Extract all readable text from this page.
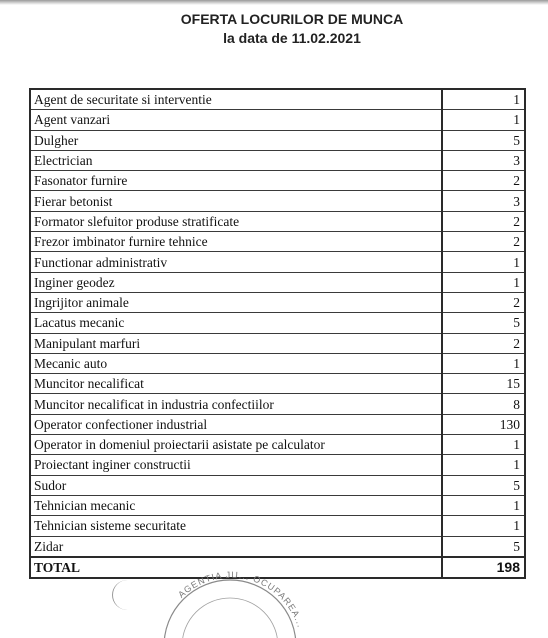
OFERTA LOCURILOR DE MUNCA
la data de 11.02.2021
Agent de securitate si interventie	1
Agent vanzari	1
Dulgher	5
Electrician	3
Fasonator furnire	2
Fierar betonist	3
Formator slefuitor produse stratificate	2
Frezor imbinator furnire tehnice	2
Functionar administrativ	1
Inginer geodez	1
Ingrijitor animale	2
Lacatus mecanic	5
Manipulant marfuri	2
Mecanic auto	1
Muncitor necalificat	15
Muncitor necalificat in industria confectiilor	8
Operator confectioner industrial	130
Operator in domeniul proiectarii asistate pe calculator	1
Proiectant inginer constructii	1
Sudor	5
Tehnician mecanic	1
Tehnician sisteme securitate	1
Zidar	5
TOTAL	198
AGENTIA JU... OCUPAREA...
